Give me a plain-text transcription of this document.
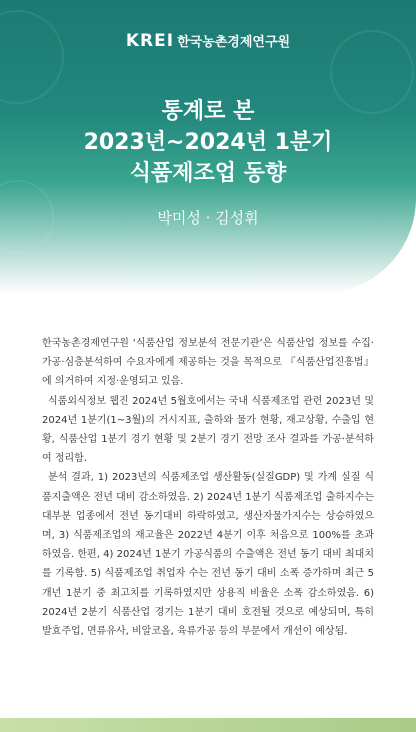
KREI 한국농촌경제연구원
통계로 본
2023년~2024년 1분기
식품제조업 동향
박미성 · 김성휘

한국농촌경제연구원 ‘식품산업 정보분석 전문기관’은 식품산업 정보를 수집·가공·심층분석하여 수요자에게 제공하는 것을 목적으로 『식품산업진흥법』에 의거하여 지정·운영되고 있음.

식품외식정보 웹진 2024년 5월호에서는 국내 식품제조업 관련 2023년 및 2024년 1분기(1~3월)의 거시지표, 출하와 물가 현황, 재고상황, 수출입 현황, 식품산업 1분기 경기 현황 및 2분기 경기 전망 조사 결과를 가공·분석하여 정리함.

분석 결과, 1) 2023년의 식품제조업 생산활동(실질GDP) 및 가계 실질 식품지출액은 전년 대비 감소하였음. 2) 2024년 1분기 식품제조업 출하지수는 대부분 업종에서 전년 동기대비 하락하였고, 생산자물가지수는 상승하였으며, 3) 식품제조업의 재고율은 2022년 4분기 이후 처음으로 100%를 초과하였음. 한편, 4) 2024년 1분기 가공식품의 수출액은 전년 동기 대비 최대치를 기록함. 5) 식품제조업 취업자 수는 전년 동기 대비 소폭 증가하며 최근 5개년 1분기 중 최고치를 기록하였지만 상용직 비율은 소폭 감소하였음. 6) 2024년 2분기 식품산업 경기는 1분기 대비 호전될 것으로 예상되며, 특히 발효주업, 면류유사, 비알코올, 육류가공 등의 부문에서 개선이 예상됨.
